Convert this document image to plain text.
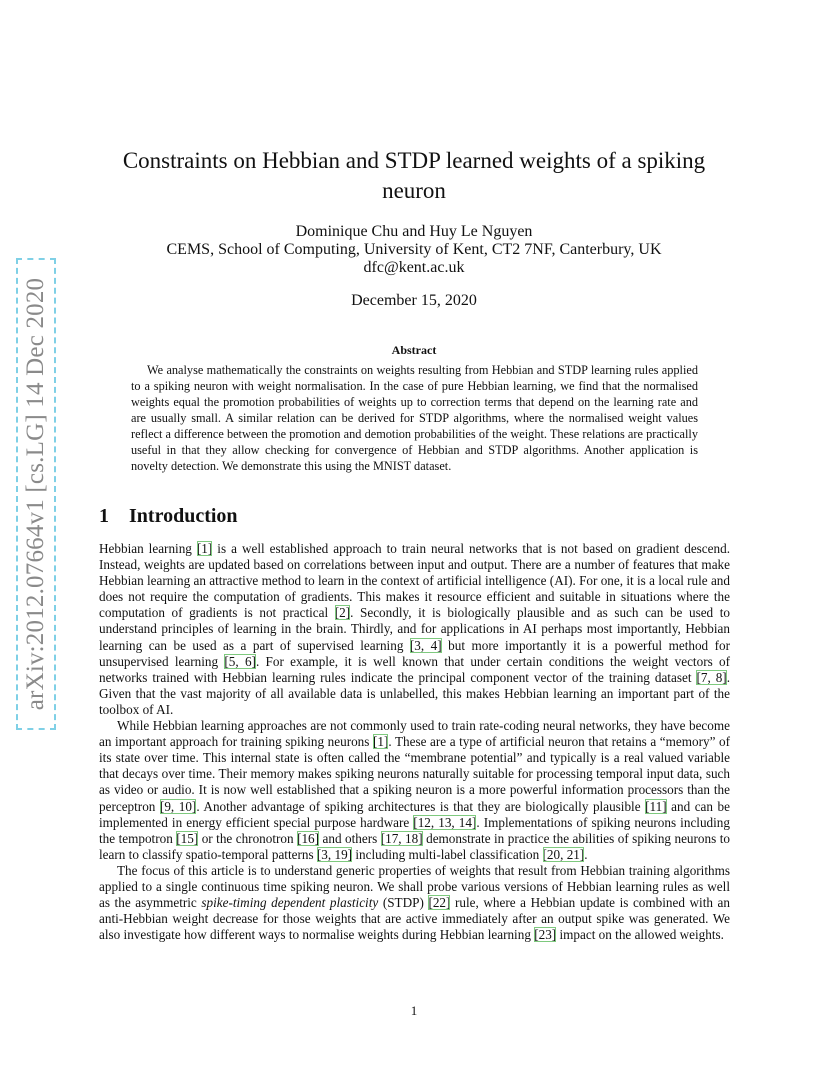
arXiv:2012.07664v1 [cs.LG] 14 Dec 2020
Constraints on Hebbian and STDP learned weights of a spiking neuron
Dominique Chu and Huy Le Nguyen
CEMS, School of Computing, University of Kent, CT2 7NF, Canterbury, UK
dfc@kent.ac.uk
December 15, 2020
Abstract

We analyse mathematically the constraints on weights resulting from Hebbian and STDP learning rules applied to a spiking neuron with weight normalisation. In the case of pure Hebbian learning, we find that the normalised weights equal the promotion probabilities of weights up to correction terms that depend on the learning rate and are usually small. A similar relation can be derived for STDP algorithms, where the normalised weight values reflect a difference between the promotion and demotion probabilities of the weight. These relations are practically useful in that they allow checking for convergence of Hebbian and STDP algorithms. Another application is novelty detection. We demonstrate this using the MNIST dataset.

1 Introduction

Hebbian learning [1] is a well established approach to train neural networks that is not based on gradient descend. Instead, weights are updated based on correlations between input and output. There are a number of features that make Hebbian learning an attractive method to learn in the context of artificial intelligence (AI). For one, it is a local rule and does not require the computation of gradients. This makes it resource efficient and suitable in situations where the computation of gradients is not practical [2]. Secondly, it is biologically plausible and as such can be used to understand principles of learning in the brain. Thirdly, and for applications in AI perhaps most importantly, Hebbian learning can be used as a part of supervised learning [3, 4] but more importantly it is a powerful method for unsupervised learning [5, 6]. For example, it is well known that under certain conditions the weight vectors of networks trained with Hebbian learning rules indicate the principal component vector of the training dataset [7, 8]. Given that the vast majority of all available data is unlabelled, this makes Hebbian learning an important part of the toolbox of AI.

While Hebbian learning approaches are not commonly used to train rate-coding neural networks, they have become an important approach for training spiking neurons [1]. These are a type of artificial neuron that retains a “memory” of its state over time. This internal state is often called the “membrane potential” and typically is a real valued variable that decays over time. Their memory makes spiking neurons naturally suitable for processing temporal input data, such as video or audio. It is now well established that a spiking neuron is a more powerful information processors than the perceptron [9, 10]. Another advantage of spiking architectures is that they are biologically plausible [11] and can be implemented in energy efficient special purpose hardware [12, 13, 14]. Implementations of spiking neurons including the tempotron [15] or the chronotron [16] and others [17, 18] demonstrate in practice the abilities of spiking neurons to learn to classify spatio-temporal patterns [3, 19] including multi-label classification [20, 21].

The focus of this article is to understand generic properties of weights that result from Hebbian training algorithms applied to a single continuous time spiking neuron. We shall probe various versions of Hebbian learning rules as well as the asymmetric spike-timing dependent plasticity (STDP) [22] rule, where a Hebbian update is combined with an anti-Hebbian weight decrease for those weights that are active immediately after an output spike was generated. We also investigate how different ways to normalise weights during Hebbian learning [23] impact on the allowed weights.

1
